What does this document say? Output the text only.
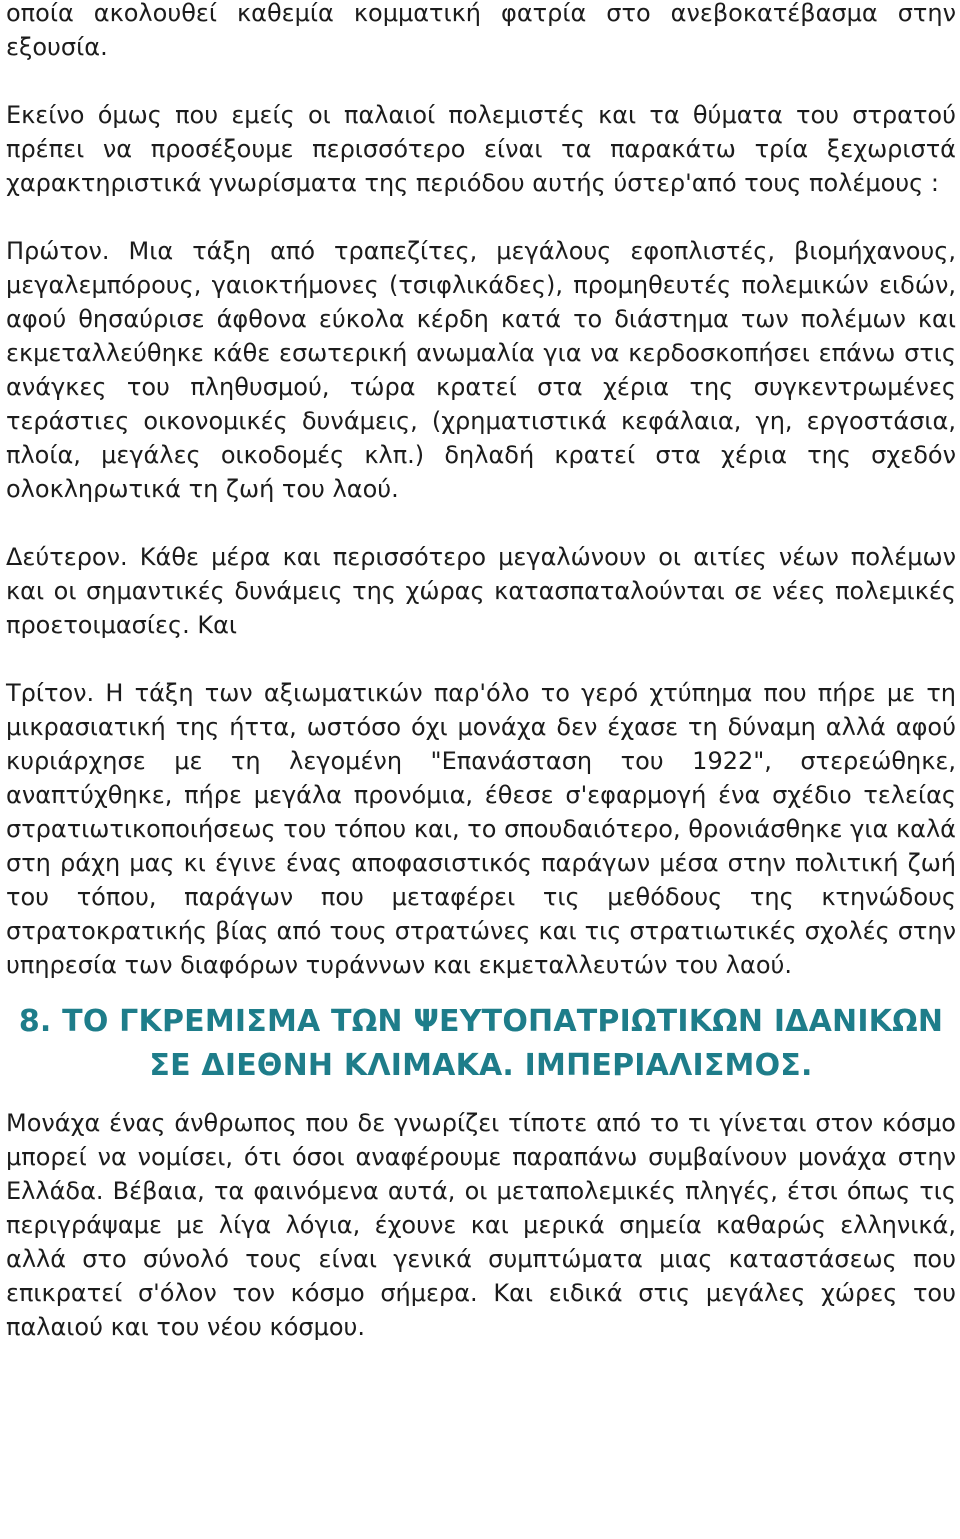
οποία ακολουθεί καθεμία κομματική φατρία στο ανεβοκατέβασμα στην εξουσία.

Εκείνο όμως που εμείς οι παλαιοί πολεμιστές και τα θύματα του στρατού πρέπει να προσέξουμε περισσότερο είναι τα παρακάτω τρία ξεχωριστά χαρακτηριστικά γνωρίσματα της περιόδου αυτής ύστερ'από τους πολέμους :

Πρώτον. Μια τάξη από τραπεζίτες, μεγάλους εφοπλιστές, βιομήχανους, μεγαλεμπόρους, γαιοκτήμονες (τσιφλικάδες), προμηθευτές πολεμικών ειδών, αφού θησαύρισε άφθονα εύκολα κέρδη κατά το διάστημα των πολέμων και εκμεταλλεύθηκε κάθε εσωτερική ανωμαλία για να κερδοσκοπήσει επάνω στις ανάγκες του πληθυσμού, τώρα κρατεί στα χέρια της συγκεντρωμένες τεράστιες οικονομικές δυνάμεις, (χρηματιστικά κεφάλαια, γη, εργοστάσια, πλοία, μεγάλες οικοδομές κλπ.) δηλαδή κρατεί στα χέρια της σχεδόν ολοκληρωτικά τη ζωή του λαού.

Δεύτερον. Κάθε μέρα και περισσότερο μεγαλώνουν οι αιτίες νέων πολέμων και οι σημαντικές δυνάμεις της χώρας κατασπαταλούνται σε νέες πολεμικές προετοιμασίες. Και

Τρίτον. Η τάξη των αξιωματικών παρ'όλο το γερό χτύπημα που πήρε με τη μικρασιατική της ήττα, ωστόσο όχι μονάχα δεν έχασε τη δύναμη αλλά αφού κυριάρχησε με τη λεγομένη "Επανάσταση του 1922", στερεώθηκε, αναπτύχθηκε, πήρε μεγάλα προνόμια, έθεσε σ'εφαρμογή ένα σχέδιο τελείας στρατιωτικοποιήσεως του τόπου και, το σπουδαιότερο, θρονιάσθηκε για καλά στη ράχη μας κι έγινε ένας αποφασιστικός παράγων μέσα στην πολιτική ζωή του τόπου, παράγων που μεταφέρει τις μεθόδους της κτηνώδους στρατοκρατικής βίας από τους στρατώνες και τις στρατιωτικές σχολές στην υπηρεσία των διαφόρων τυράννων και εκμεταλλευτών του λαού.

8. ΤΟ ΓΚΡΕΜΙΣΜΑ ΤΩΝ ΨΕΥΤΟΠΑΤΡΙΩΤΙΚΩΝ ΙΔΑΝΙΚΩΝ ΣΕ ΔΙΕΘΝΗ ΚΛΙΜΑΚΑ. ΙΜΠΕΡΙΑΛΙΣΜΟΣ.

Μονάχα ένας άνθρωπος που δε γνωρίζει τίποτε από το τι γίνεται στον κόσμο μπορεί να νομίσει, ότι όσοι αναφέρουμε παραπάνω συμβαίνουν μονάχα στην Ελλάδα. Βέβαια, τα φαινόμενα αυτά, οι μεταπολεμικές πληγές, έτσι όπως τις περιγράψαμε με λίγα λόγια, έχουνε και μερικά σημεία καθαρώς ελληνικά, αλλά στο σύνολό τους είναι γενικά συμπτώματα μιας καταστάσεως που επικρατεί σ'όλον τον κόσμο σήμερα. Και ειδικά στις μεγάλες χώρες του παλαιού και του νέου κόσμου.
